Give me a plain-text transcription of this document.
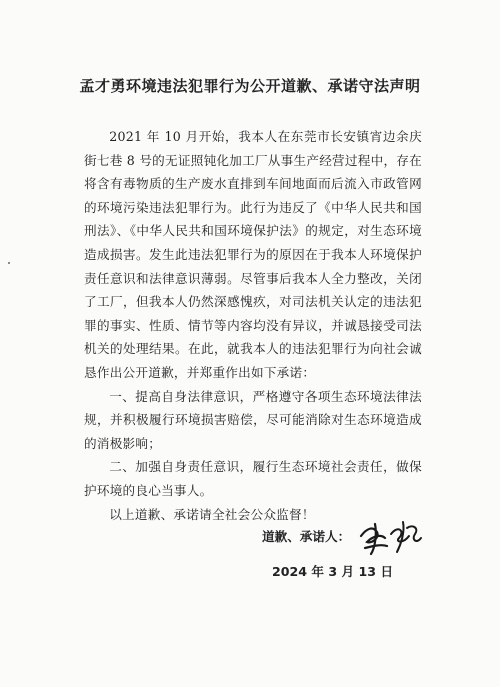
孟才勇环境违法犯罪行为公开道歉、承诺守法声明

2021 年 10 月开始，我本人在东莞市长安镇宵边余庆街七巷 8 号的无证照钝化加工厂从事生产经营过程中，存在将含有毒物质的生产废水直排到车间地面而后流入市政管网的环境污染违法犯罪行为。此行为违反了《中华人民共和国刑法》、《中华人民共和国环境保护法》的规定，对生态环境造成损害。发生此违法犯罪行为的原因在于我本人环境保护责任意识和法律意识薄弱。尽管事后我本人全力整改，关闭了工厂，但我本人仍然深感愧疚，对司法机关认定的违法犯罪的事实、性质、情节等内容均没有异议，并诚恳接受司法机关的处理结果。在此，就我本人的违法犯罪行为向社会诚恳作出公开道歉，并郑重作出如下承诺：

一、提高自身法律意识，严格遵守各项生态环境法律法规，并积极履行环境损害赔偿，尽可能消除对生态环境造成的消极影响；

二、加强自身责任意识，履行生态环境社会责任，做保护环境的良心当事人。

以上道歉、承诺请全社会公众监督！

道歉、承诺人：
2024 年 3 月 13 日
